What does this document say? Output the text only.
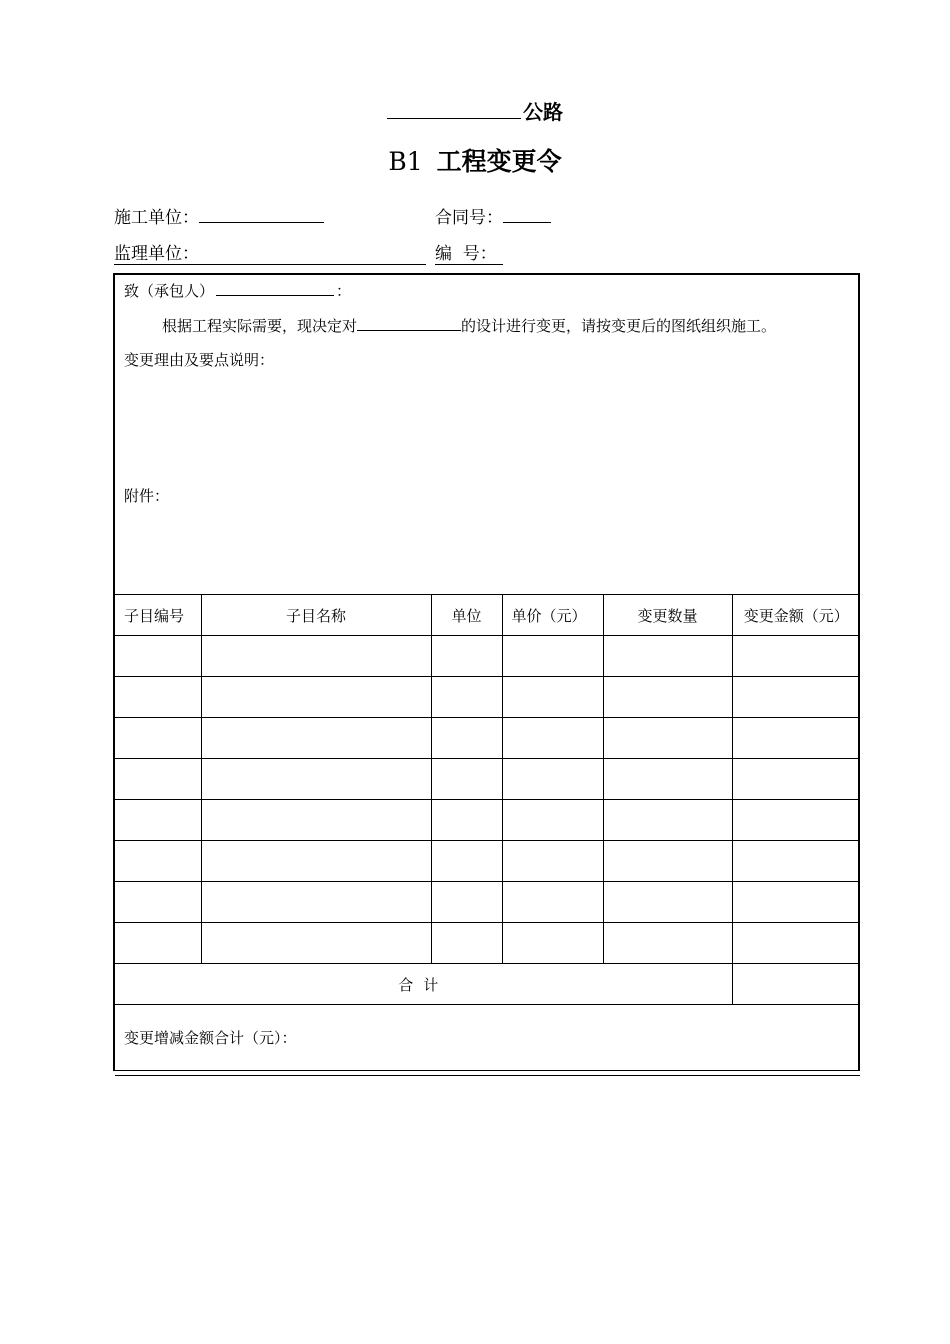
公路
B1 工程变更令
施工单位：	合同号：
监理单位：	编  号：
致（承包人）	：
根据工程实际需要，现决定对	的设计进行变更，请按变更后的图纸组织施工。
变更理由及要点说明：
附件：
子目编号	子目名称	单位	单价（元）	变更数量	变更金额（元）

合计					

变更增减金额合计（元）：					
